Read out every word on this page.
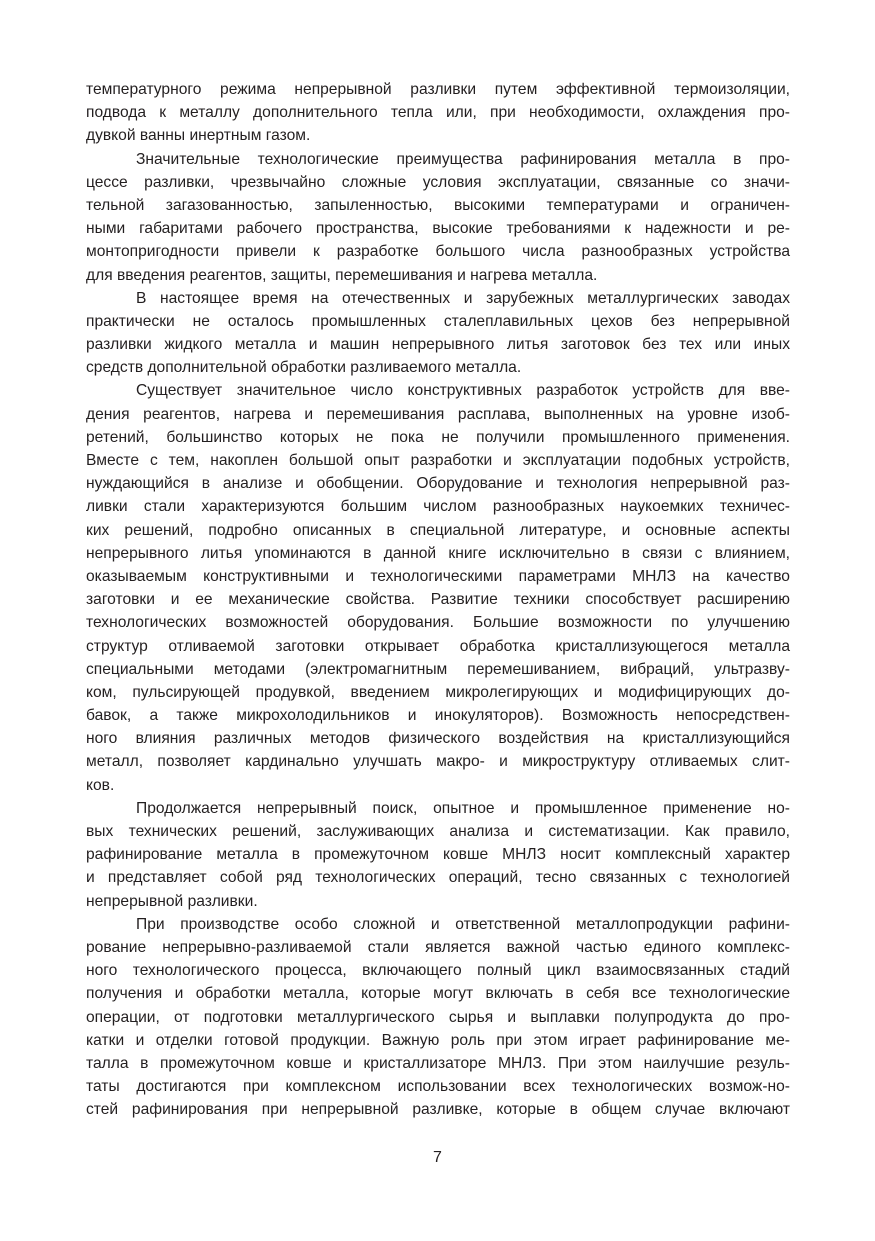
температурного режима непрерывной разливки путем эффективной термоизоляции,
подвода к металлу дополнительного тепла или, при необходимости, охлаждения про-
дувкой ванны инертным газом.
Значительные технологические преимущества рафинирования металла в про-
цессе разливки, чрезвычайно сложные условия эксплуатации, связанные со значи-
тельной загазованностью, запыленностью, высокими температурами и ограничен-
ными габаритами рабочего пространства, высокие требованиями к надежности и ре-
монтопригодности привели к разработке большого числа разнообразных устройства
для введения реагентов, защиты, перемешивания и нагрева металла.
В настоящее время на отечественных и зарубежных металлургических заводах
практически не осталось промышленных сталеплавильных цехов без непрерывной
разливки жидкого металла и машин непрерывного литья заготовок без тех или иных
средств дополнительной обработки разливаемого металла.
Существует значительное число конструктивных разработок устройств для вве-
дения реагентов, нагрева и перемешивания расплава, выполненных на уровне изоб-
ретений, большинство которых не пока не получили промышленного применения.
Вместе с тем, накоплен большой опыт разработки и эксплуатации подобных устройств,
нуждающийся в анализе и обобщении. Оборудование и технология непрерывной раз-
ливки стали характеризуются большим числом разнообразных наукоемких техничес-
ких решений, подробно описанных в специальной литературе, и основные аспекты
непрерывного литья упоминаются в данной книге исключительно в связи с влиянием,
оказываемым конструктивными и технологическими параметрами МНЛЗ на качество
заготовки и ее механические свойства. Развитие техники способствует расширению
технологических возможностей оборудования. Большие возможности по улучшению
структур отливаемой заготовки открывает обработка кристаллизующегося металла
специальными методами (электромагнитным перемешиванием, вибраций, ультразву-
ком, пульсирующей продувкой, введением микролегирующих и модифицирующих до-
бавок, а также микрохолодильников и инокуляторов). Возможность непосредствен-
ного влияния различных методов физического воздействия на кристаллизующийся
металл, позволяет кардинально улучшать макро- и микроструктуру отливаемых слит-
ков.
Продолжается непрерывный поиск, опытное и промышленное применение но-
вых технических решений, заслуживающих анализа и систематизации. Как правило,
рафинирование металла в промежуточном ковше МНЛЗ носит комплексный характер
и представляет собой ряд технологических операций, тесно связанных с технологией
непрерывной разливки.
При производстве особо сложной и ответственной металлопродукции рафини-
рование непрерывно-разливаемой стали является важной частью единого комплекс-
ного технологического процесса, включающего полный цикл взаимосвязанных стадий
получения и обработки металла, которые могут включать в себя все технологические
операции, от подготовки металлургического сырья и выплавки полупродукта до про-
катки и отделки готовой продукции. Важную роль при этом играет рафинирование ме-
талла в промежуточном ковше и кристаллизаторе МНЛЗ. При этом наилучшие резуль-
таты достигаются при комплексном использовании всех технологических возмож-но-
стей рафинирования при непрерывной разливке, которые в общем случае включают
7
